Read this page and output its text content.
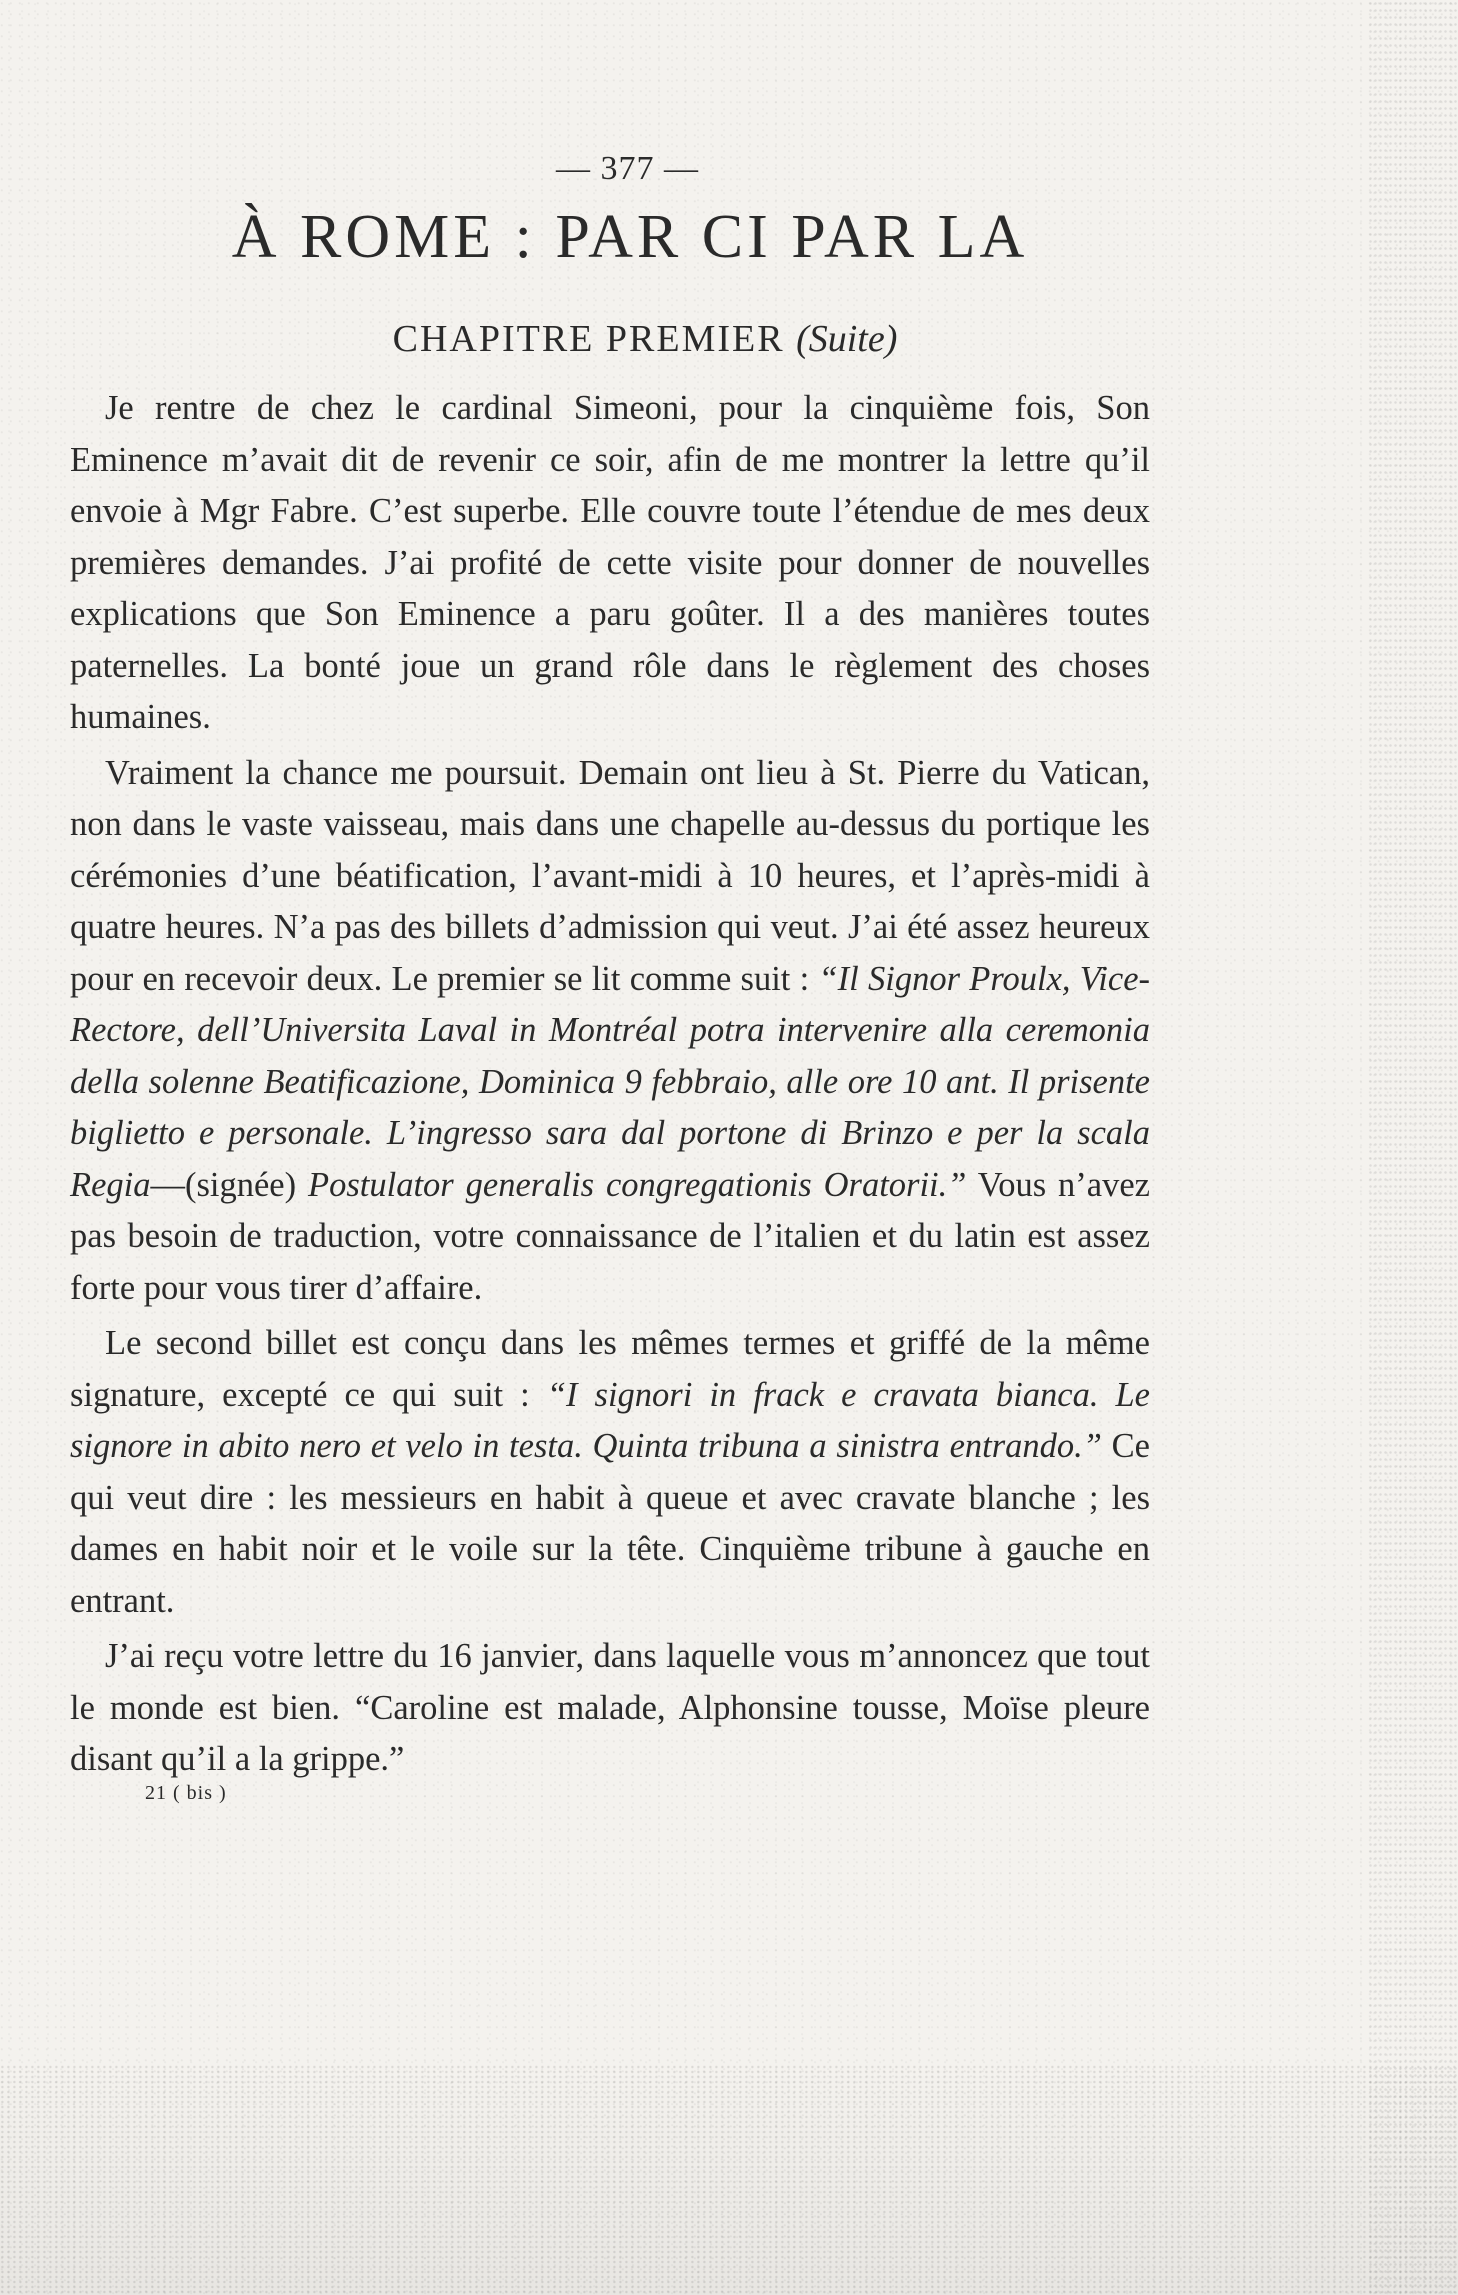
— 377 —
À ROME : PAR CI PAR LA
CHAPITRE PREMIER (Suite)

Je rentre de chez le cardinal Simeoni, pour la cinquième fois, Son Eminence m’avait dit de revenir ce soir, afin de me montrer la lettre qu’il envoie à Mgr Fabre. C’est superbe. Elle couvre toute l’étendue de mes deux premières demandes. J’ai profité de cette visite pour donner de nouvelles explications que Son Eminence a paru goûter. Il a des manières toutes paternelles. La bonté joue un grand rôle dans le règlement des choses humaines.

Vraiment la chance me poursuit. Demain ont lieu à St. Pierre du Vatican, non dans le vaste vaisseau, mais dans une chapelle au-dessus du portique les cérémonies d’une béatification, l’avant-midi à 10 heures, et l’après-midi à quatre heures. N’a pas des billets d’admission qui veut. J’ai été assez heureux pour en recevoir deux. Le premier se lit comme suit : “Il Signor Proulx, Vice-Rectore, dell’Universita Laval in Montréal potra intervenire alla ceremonia della solenne Beatificazione, Dominica 9 febbraio, alle ore 10 ant. Il prisente biglietto e personale. L’ingresso sara dal portone di Brinzo e per la scala Regia—(signée) Postulator generalis congregationis Oratorii.” Vous n’avez pas besoin de traduction, votre connaissance de l’italien et du latin est assez forte pour vous tirer d’affaire.

Le second billet est conçu dans les mêmes termes et griffé de la même signature, excepté ce qui suit : “I signori in frack e cravata bianca. Le signore in abito nero et velo in testa. Quinta tribuna a sinistra entrando.” Ce qui veut dire : les messieurs en habit à queue et avec cravate blanche ; les dames en habit noir et le voile sur la tête. Cinquième tribune à gauche en entrant.

J’ai reçu votre lettre du 16 janvier, dans laquelle vous m’annoncez que tout le monde est bien. “Caroline est malade, Alphonsine tousse, Moïse pleure disant qu’il a la grippe.”

21 ( bis )
